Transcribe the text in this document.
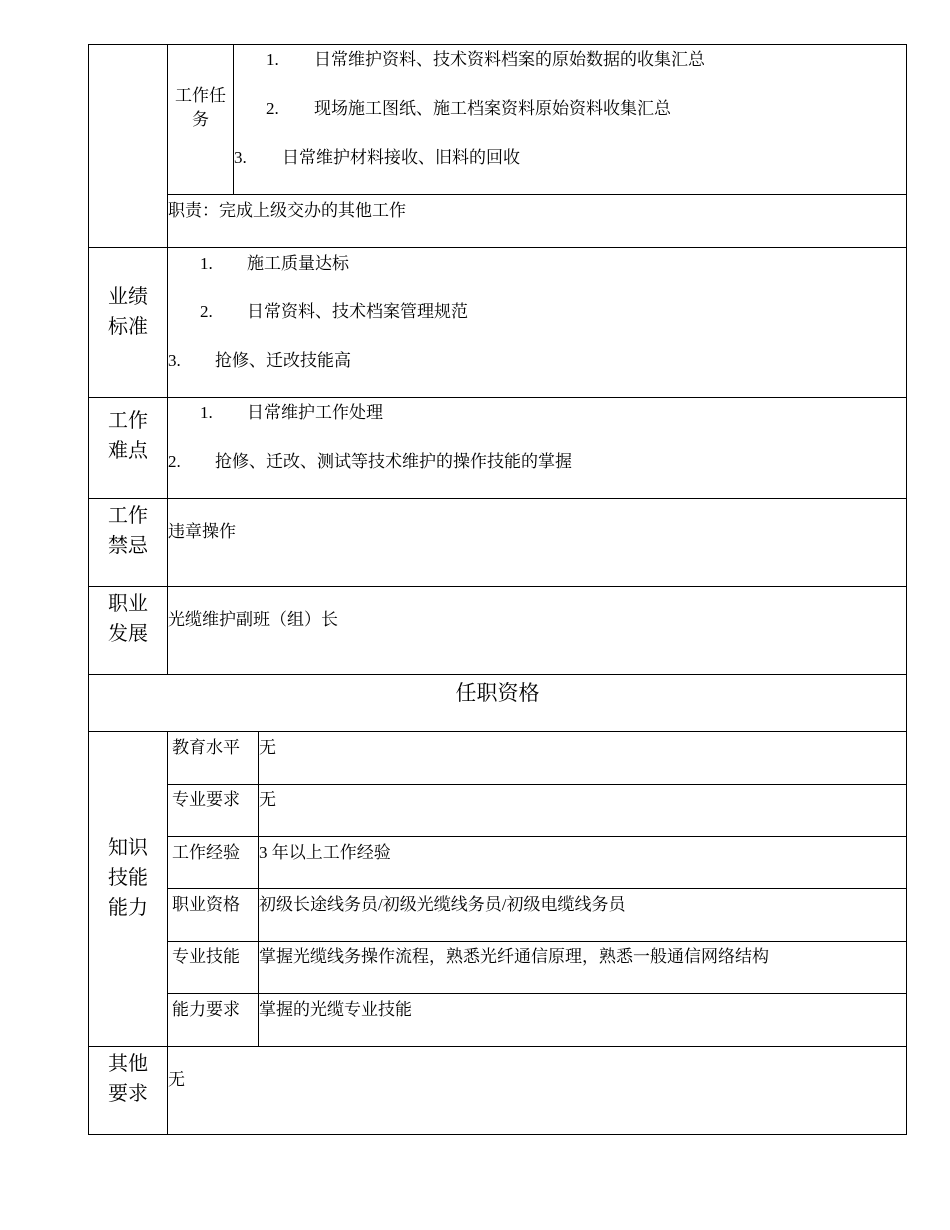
工作任
务
1. 日常维护资料、技术资料档案的原始数据的收集汇总
2. 现场施工图纸、施工档案资料原始资料收集汇总
3. 日常维护材料接收、旧料的回收
职责：完成上级交办的其他工作
业绩
标准
1. 施工质量达标
2. 日常资料、技术档案管理规范
3. 抢修、迁改技能高
工作
难点
1. 日常维护工作处理
2. 抢修、迁改、测试等技术维护的操作技能的掌握
工作
禁忌
违章操作
职业
发展
光缆维护副班（组）长
任职资格
知识
技能
能力
教育水平 无
专业要求 无
工作经验 3 年以上工作经验
职业资格 初级长途线务员/初级光缆线务员/初级电缆线务员
专业技能 掌握光缆线务操作流程，熟悉光纤通信原理，熟悉一般通信网络结构
能力要求 掌握的光缆专业技能
其他
要求
无
